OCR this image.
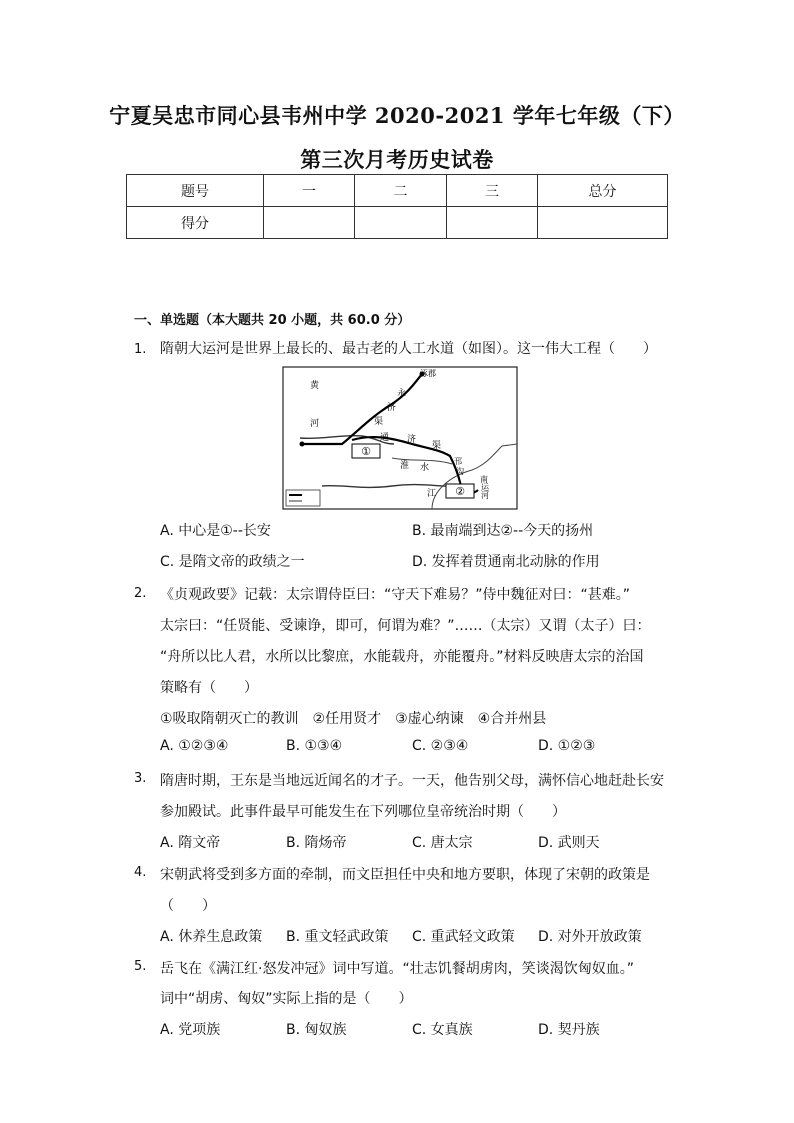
宁夏吴忠市同心县韦州中学 2020-2021 学年七年级（下）
第三次月考历史试卷
题号	一	二	三	总分
得分				
一、单选题（本大题共 20 小题，共 60.0 分）
1. 隋朝大运河是世界上最长的、最古老的人工水道（如图）。这一伟大工程（　　）
①
②
涿郡
黄
河
永
济
渠
通 济
渠
淮 水
邗
沟
江
南
运
河
A. 中心是①--长安	B. 最南端到达②--今天的扬州
C. 是隋文帝的政绩之一	D. 发挥着贯通南北动脉的作用
2. 《贞观政要》记载：太宗谓侍臣曰：“守天下难易？”侍中魏征对曰：“甚难。”
太宗曰：“任贤能、受谏诤，即可，何谓为难？”……（太宗）又谓（太子）曰：
“舟所以比人君，水所以比黎庶，水能载舟，亦能覆舟。”材料反映唐太宗的治国
策略有（　　）
①吸取隋朝灭亡的教训　②任用贤才　③虚心纳谏　④合并州县
A. ①②③④	B. ①③④	C. ②③④	D. ①②③
3. 隋唐时期，王东是当地远近闻名的才子。一天，他告别父母，满怀信心地赶赴长安
参加殿试。此事件最早可能发生在下列哪位皇帝统治时期（　　）
A. 隋文帝	B. 隋炀帝	C. 唐太宗	D. 武则天
4. 宋朝武将受到多方面的牵制，而文臣担任中央和地方要职，体现了宋朝的政策是
（　　）
A. 休养生息政策 B. 重文轻武政策 C. 重武轻文政策 D. 对外开放政策
5. 岳飞在《满江红·怒发冲冠》词中写道。“壮志饥餐胡虏肉，笑谈渴饮匈奴血。”
词中“胡虏、匈奴”实际上指的是（　　）
A. 党项族	B. 匈奴族	C. 女真族	D. 契丹族
